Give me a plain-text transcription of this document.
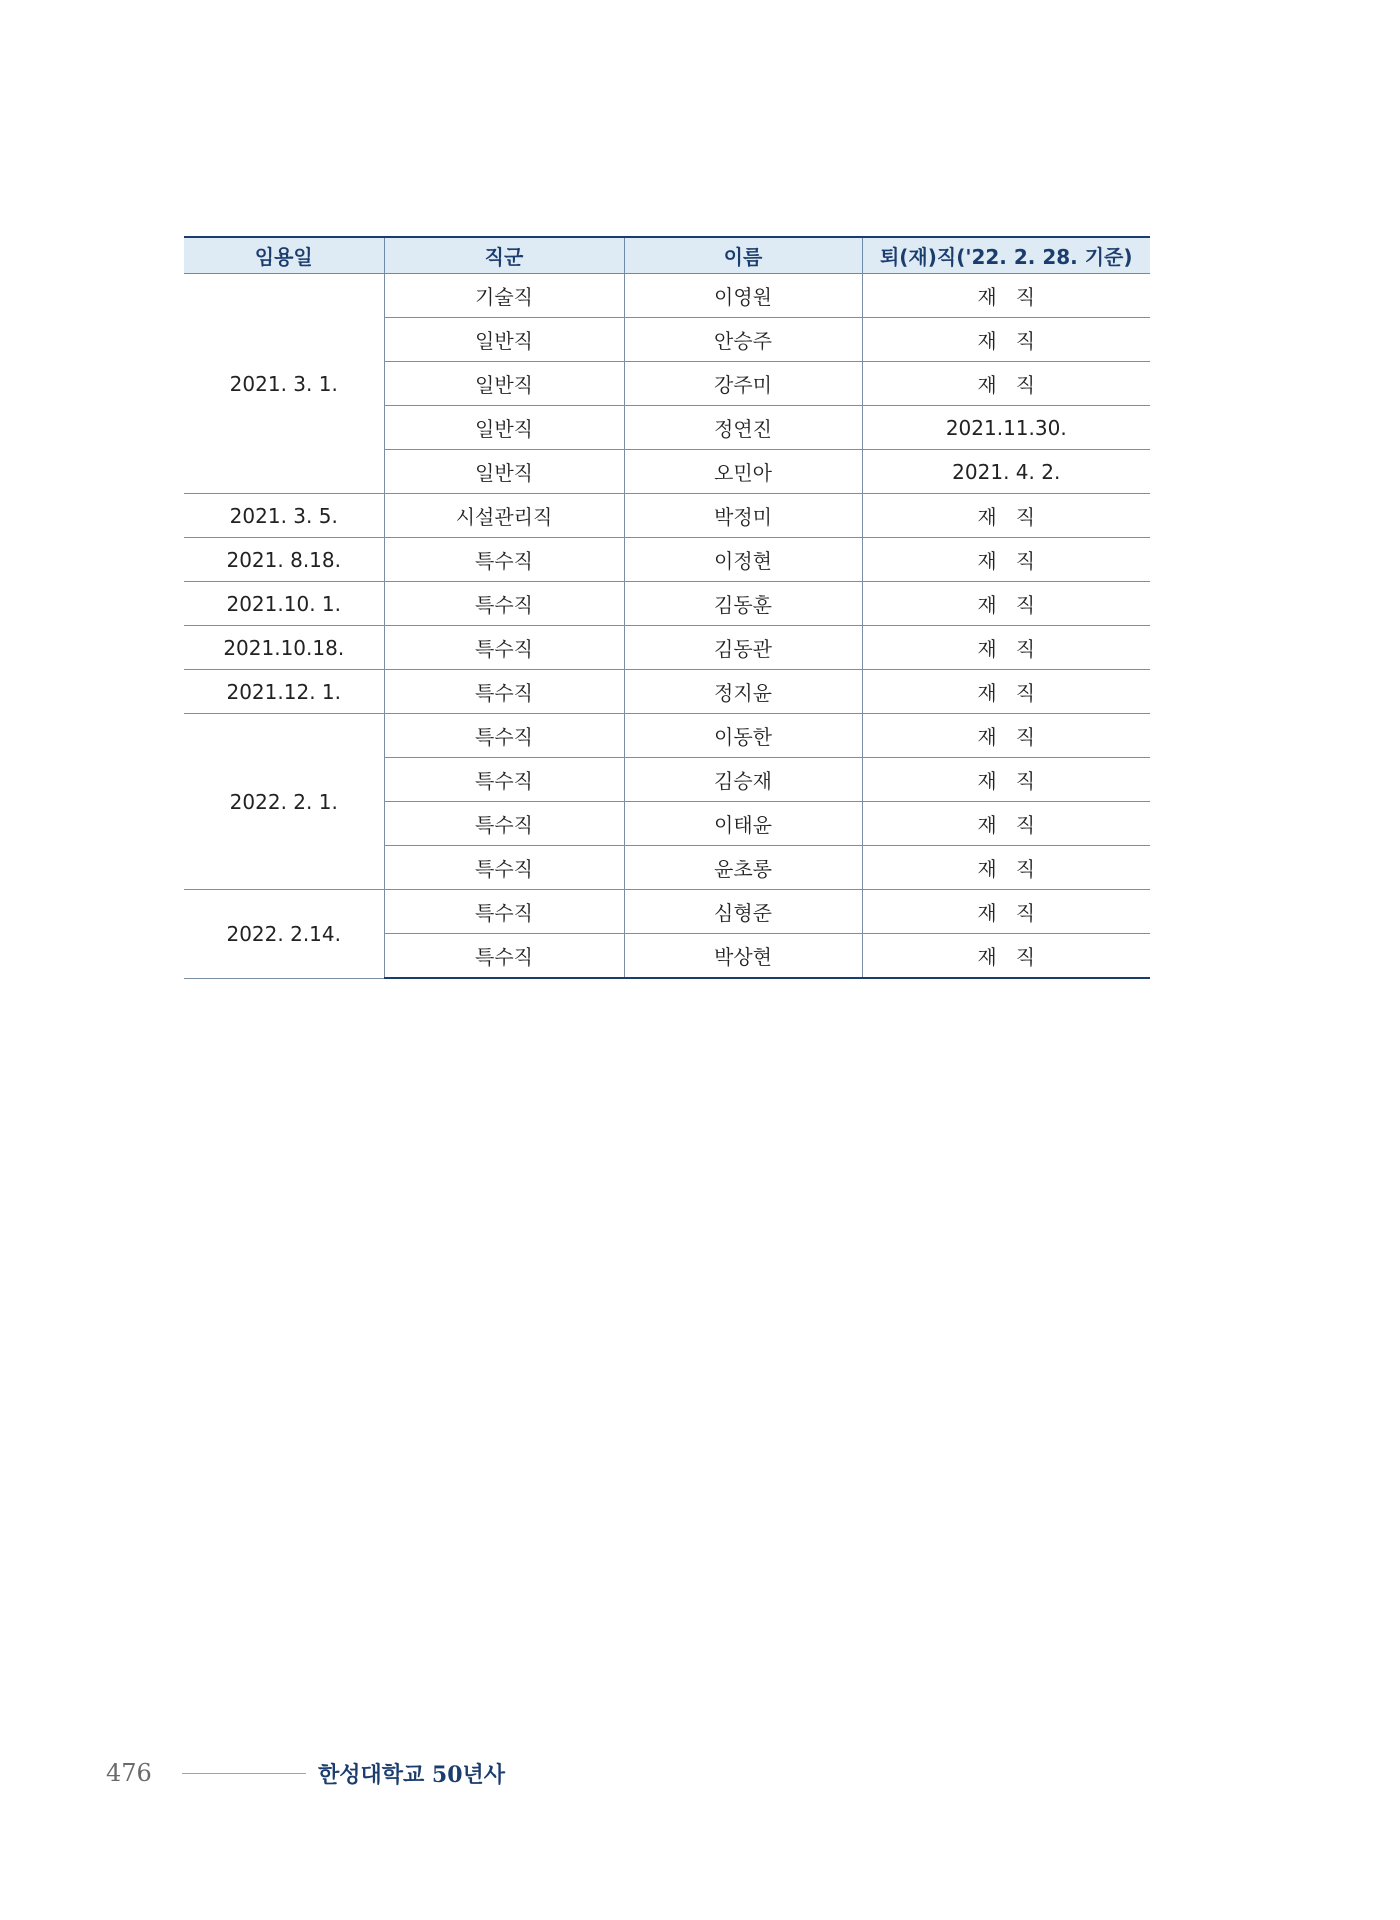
임용일	직군	이름	퇴(재)직('22. 2. 28. 기준)
2021. 3. 1.	기술직	이영원	재   직
	일반직	안승주	재   직
	일반직	강주미	재   직
	일반직	정연진	2021.11.30.
	일반직	오민아	2021. 4. 2.
2021. 3. 5.	시설관리직	박정미	재   직
2021. 8.18.	특수직	이정현	재   직
2021.10. 1.	특수직	김동훈	재   직
2021.10.18.	특수직	김동관	재   직
2021.12. 1.	특수직	정지윤	재   직
2022. 2. 1.	특수직	이동한	재   직
	특수직	김승재	재   직
	특수직	이태윤	재   직
	특수직	윤초롱	재   직
2022. 2.14.	특수직	심형준	재   직
	특수직	박상현	재   직
476	한성대학교 50년사
